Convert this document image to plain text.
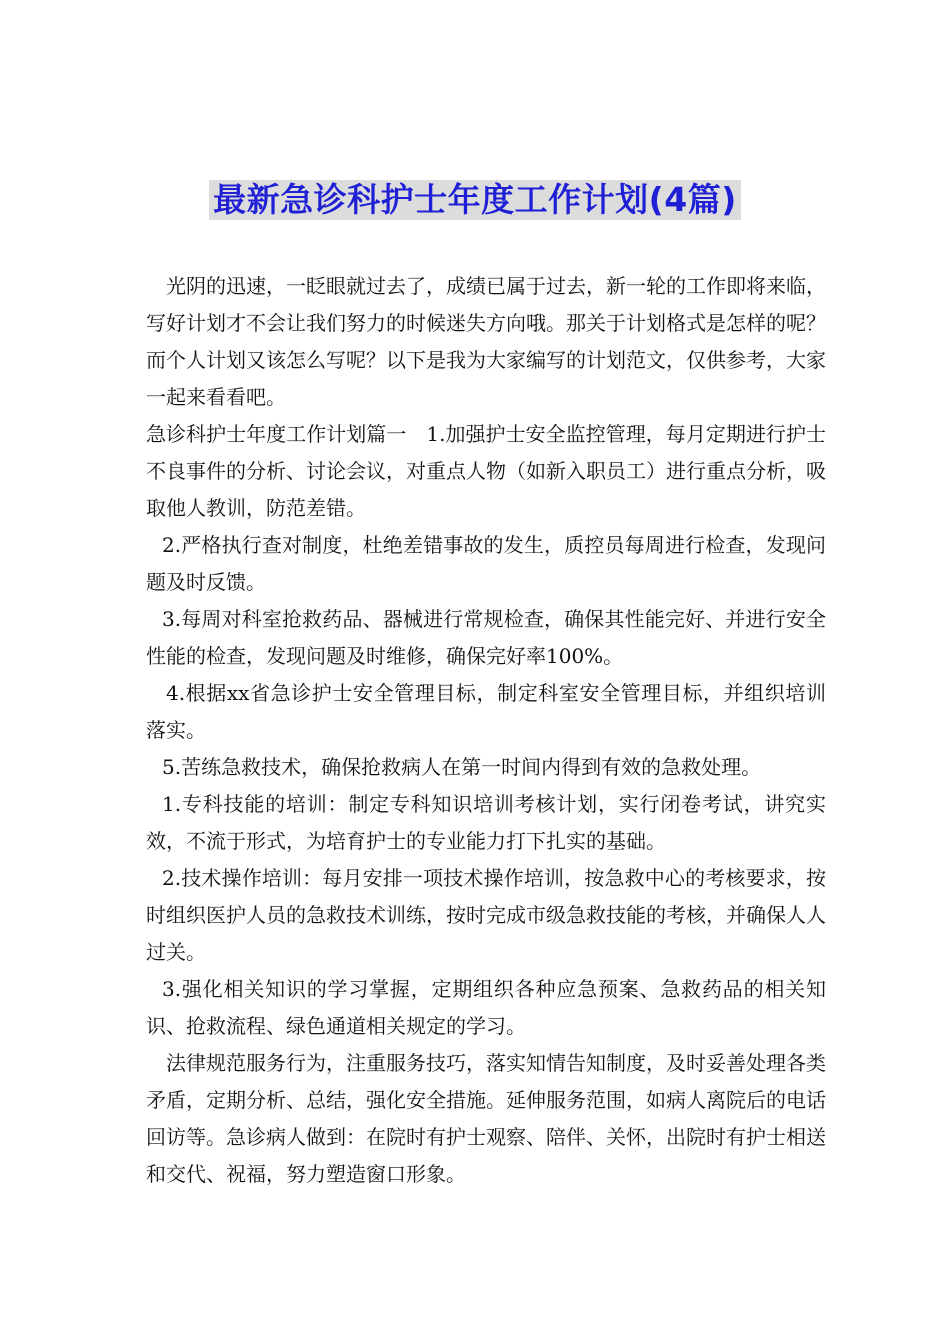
最新急诊科护士年度工作计划(4篇)

光阴的迅速，一眨眼就过去了，成绩已属于过去，新一轮的工作即将来临，写好计划才不会让我们努力的时候迷失方向哦。那关于计划格式是怎样的呢？而个人计划又该怎么写呢？以下是我为大家编写的计划范文，仅供参考，大家一起来看看吧。

急诊科护士年度工作计划篇一　1.加强护士安全监控管理，每月定期进行护士不良事件的分析、讨论会议，对重点人物（如新入职员工）进行重点分析，吸取他人教训，防范差错。

2.严格执行查对制度，杜绝差错事故的发生，质控员每周进行检查，发现问题及时反馈。

3.每周对科室抢救药品、器械进行常规检查，确保其性能完好、并进行安全性能的检查，发现问题及时维修，确保完好率100%。

4.根据xx省急诊护士安全管理目标，制定科室安全管理目标，并组织培训落实。

5.苦练急救技术，确保抢救病人在第一时间内得到有效的急救处理。

1.专科技能的培训：制定专科知识培训考核计划，实行闭卷考试，讲究实效，不流于形式，为培育护士的专业能力打下扎实的基础。

2.技术操作培训：每月安排一项技术操作培训，按急救中心的考核要求，按时组织医护人员的急救技术训练，按时完成市级急救技能的考核，并确保人人过关。

3.强化相关知识的学习掌握，定期组织各种应急预案、急救药品的相关知识、抢救流程、绿色通道相关规定的学习。

法律规范服务行为，注重服务技巧，落实知情告知制度，及时妥善处理各类矛盾，定期分析、总结，强化安全措施。延伸服务范围，如病人离院后的电话回访等。急诊病人做到：在院时有护士观察、陪伴、关怀，出院时有护士相送和交代、祝福，努力塑造窗口形象。
